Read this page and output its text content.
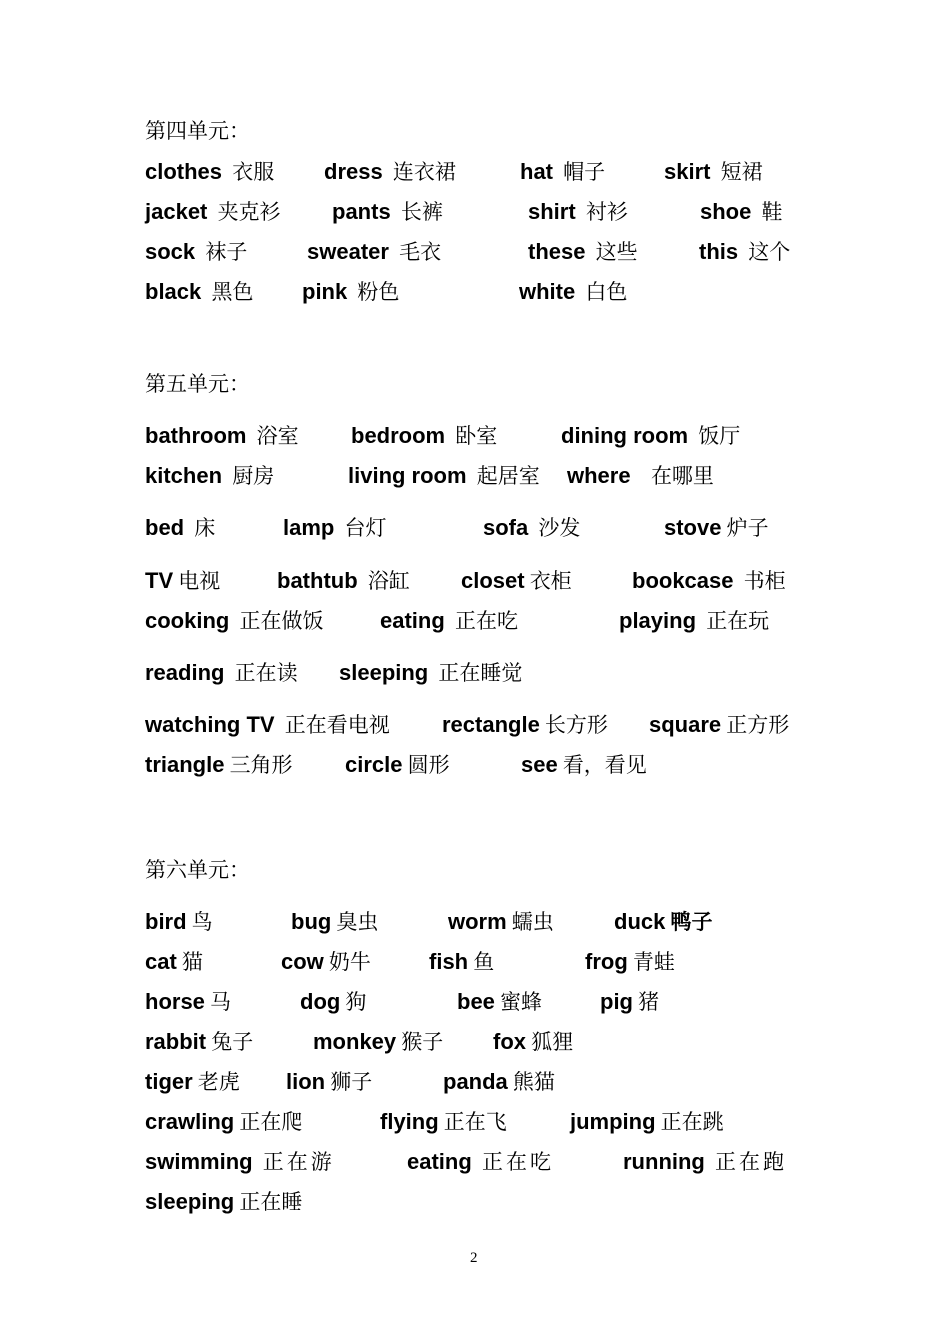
第四单元：
clothes 衣服 dress 连衣裙	hat 帽子	skirt 短裙
jacket 夹克衫 pants 长裤	shirt 衬衫	shoe 鞋
sock 袜子	sweater 毛衣	these 这些	this 这个
black 黑色 pink 粉色	white 白色
第五单元：
bathroom 浴室 bedroom 卧室	dining room 饭厅
kitchen 厨房	living room 起居室 where 在哪里
bed 床	lamp 台灯	sofa 沙发	stove 炉子
TV 电视	bathtub 浴缸 closet 衣柜	bookcase 书柜
cooking 正在做饭	eating 正在吃	playing 正在玩
reading 正在读 sleeping 正在睡觉
watching TV 正在看电视 rectangle 长方形 square 正方形
triangle 三角形 circle 圆形	see 看，看见
第六单元：
bird 鸟	bug 臭虫	worm 蠕虫	duck 鸭子
cat 猫	cow 奶牛	fish 鱼	frog 青蛙
horse 马	dog 狗	bee 蜜蜂	pig 猪
rabbit 兔子	monkey 猴子 fox 狐狸
tiger 老虎 lion 狮子	panda 熊猫
crawling 正在爬	flying 正在飞	jumping 正在跳
swimming 正在游	eating 正在吃	running 正在跑
sleeping 正在睡
2
